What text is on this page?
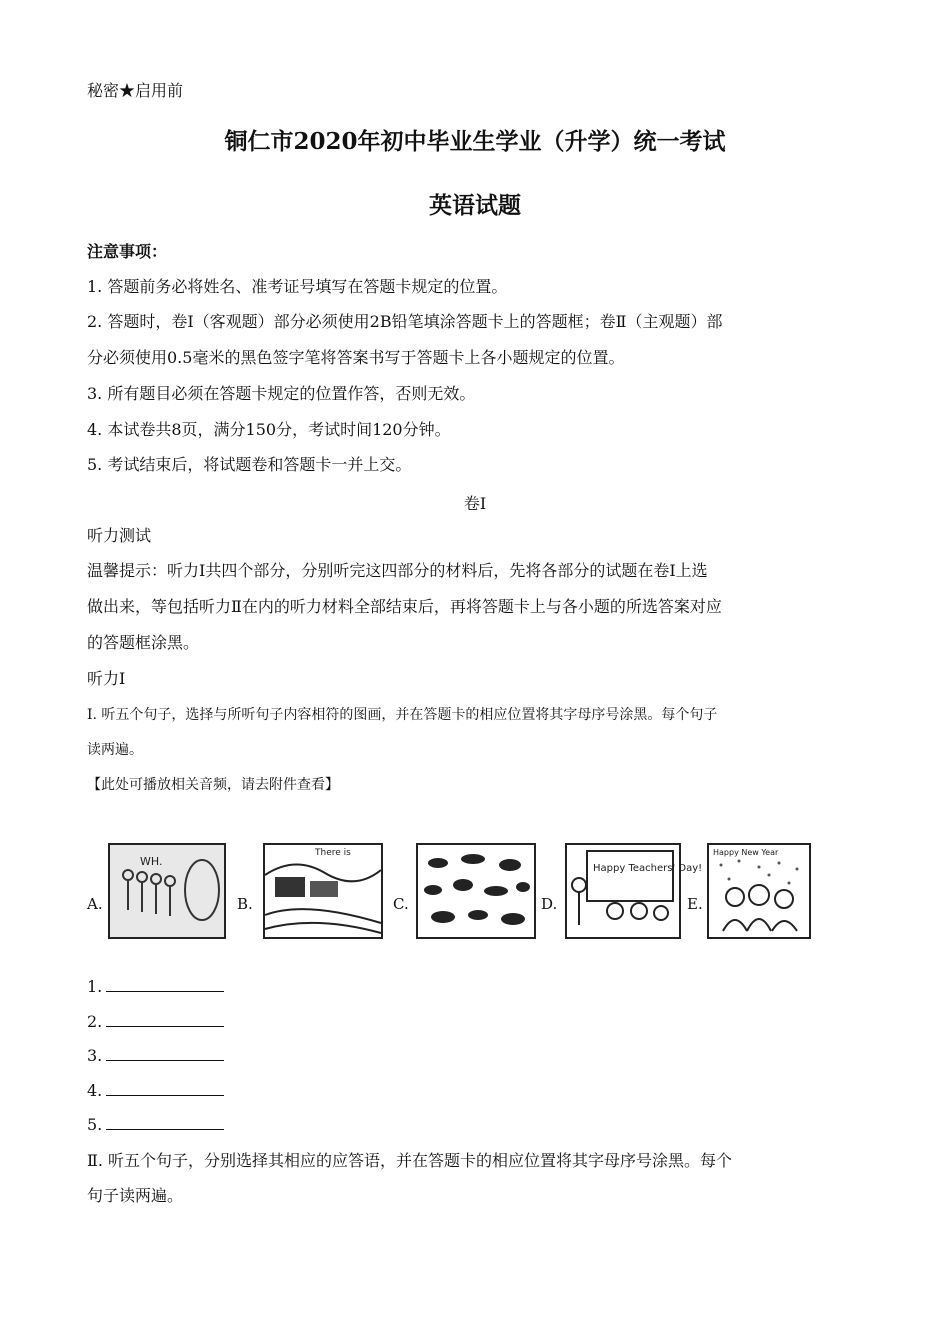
秘密★启用前
铜仁市2020年初中毕业生学业（升学）统一考试
英语试题
注意事项：
1. 答题前务必将姓名、准考证号填写在答题卡规定的位置。
2. 答题时，卷Ⅰ（客观题）部分必须使用2B铅笔填涂答题卡上的答题框；卷Ⅱ（主观题）部
分必须使用0.5毫米的黑色签字笔将答案书写于答题卡上各小题规定的位置。
3. 所有题目必须在答题卡规定的位置作答，否则无效。
4. 本试卷共8页，满分150分，考试时间120分钟。
5. 考试结束后，将试题卷和答题卡一并上交。
卷Ⅰ
听力测试
温馨提示：听力Ⅰ共四个部分，分别听完这四部分的材料后，先将各部分的试题在卷Ⅰ上选
做出来，等包括听力Ⅱ在内的听力材料全部结束后，再将答题卡上与各小题的所选答案对应
的答题框涂黑。
听力Ⅰ
Ⅰ. 听五个句子，选择与所听句子内容相符的图画，并在答题卡的相应位置将其字母序号涂黑。每个句子
读两遍。
【此处可播放相关音频，请去附件查看】
A.
WH.
B.
There is
C.	D.
Happy Teachers' Day!
E.
Happy New Year
1.
2.
3.
4.
5.
Ⅱ. 听五个句子，分别选择其相应的应答语，并在答题卡的相应位置将其字母序号涂黑。每个
句子读两遍。
